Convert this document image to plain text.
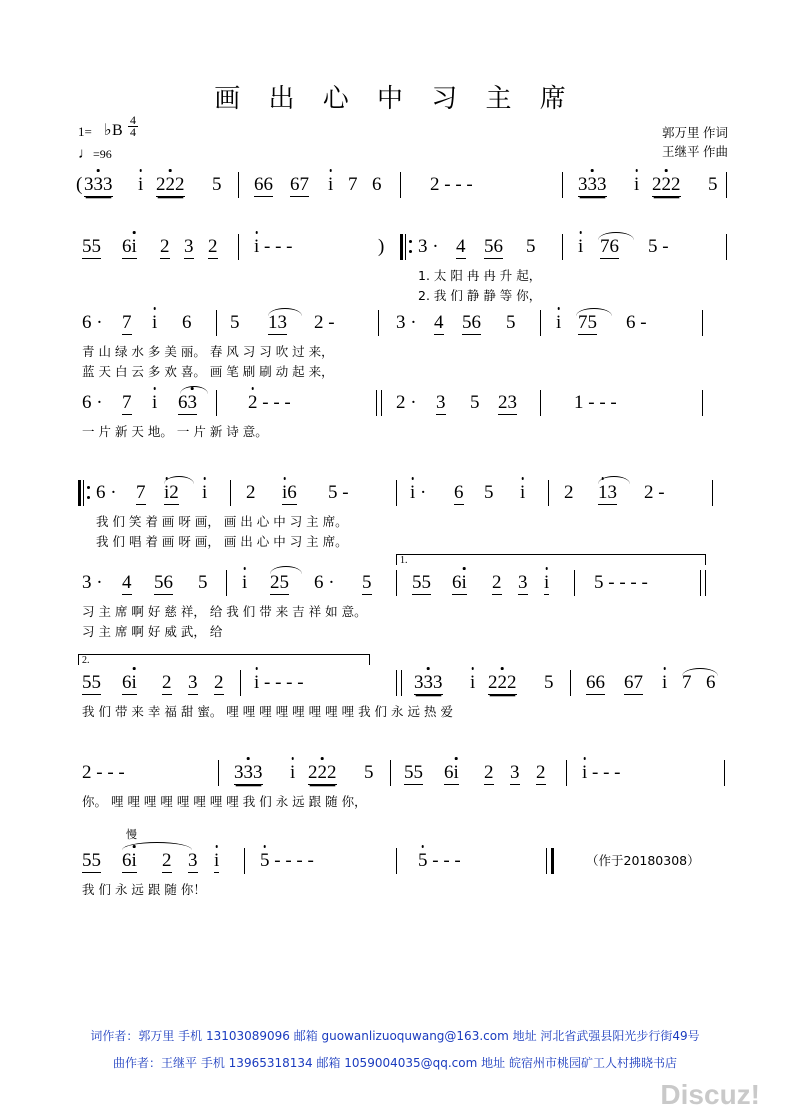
画 出 心 中 习 主 席
1= ♭ B $\frac{4}{4}$
♩=96
郭万里 作词
王继平 作曲
( 333 i 222 5 66 67 i 7 6	2 - - -	333 i 222 5
55 6i 2 3 2 i - - -	) 3 · 4 56 5 i 76 5 -
1. 太 阳 冉 冉 升 起，
2. 我 们 静 静 等 你，
6 · 7 i 6 5 13 2 -	3 · 4 56 5 i 75 6 -
青 山 绿 水 多 美 丽。 春 风 习 习 吹 过 来，
蓝 天 白 云 多 欢 喜。 画 笔 刷 刷 动 起 来，
6 · 7 i 63	2 - - -	2 · 3 5 23	1 - - -
一 片 新 天 地。 一 片 新 诗 意。
6 · 7 i2 i 2 i6 5 -	i · 6 5 i 2 13 2 -
我 们 笑 着 画 呀 画， 画 出 心 中 习 主 席。
我 们 唱 着 画 呀 画， 画 出 心 中 习 主 席。
3 · 4 56 5 i 25 6 · 5
1.
55 6i 2 3 i 5 - - - -
习 主 席 啊 好 慈 祥， 给 我 们 带 来 吉 祥 如 意。
习 主 席 啊 好 威 武， 给
2.
55 6i 2 3 2 i - - - -	333 i 222 5 66 67 i 7 6
我 们 带 来 幸 福 甜 蜜。 哩 哩 哩 哩 哩 哩 哩 哩 我 们 永 远 热 爱
2 - - -	333 i 222 5 55 6i 2 3 2 i - - -
你。 哩 哩 哩 哩 哩 哩 哩 哩 我 们 永 远 跟 随 你，
慢
55 6i 2 3 i 5 - - - -	5 - - -
我 们 永 远 跟 随 你！
（作于20180308）
词作者：郭万里 手机 13103089096 邮箱 guowanlizuoquwang@163.com 地址 河北省武强县阳光步行街49号
曲作者：王继平 手机 13965318134 邮箱 1059004035@qq.com 地址 皖宿州市桃园矿工人村拂晓书店
Discuz!
